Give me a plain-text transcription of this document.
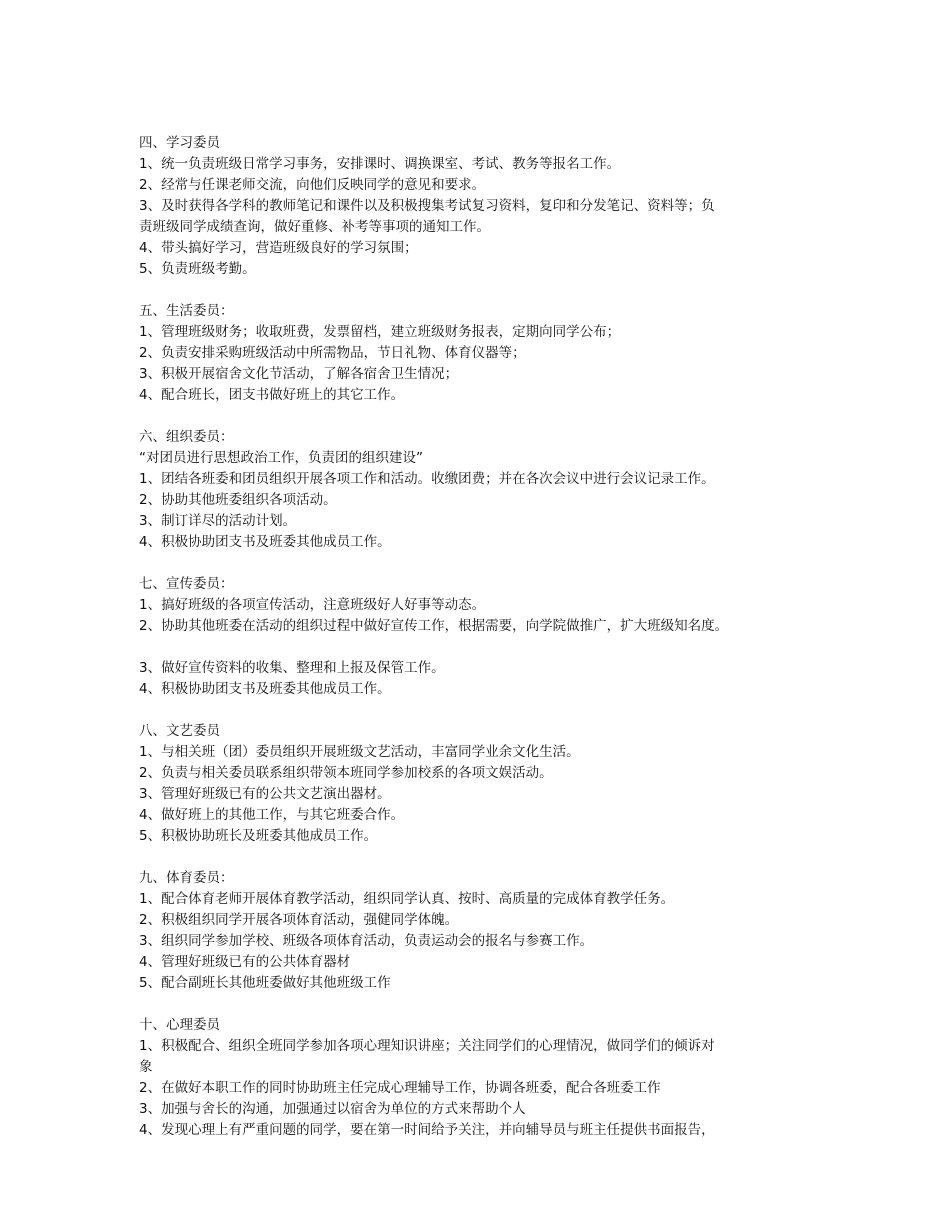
四、学习委员
1、统一负责班级日常学习事务，安排课时、调换课室、考试、教务等报名工作。
2、经常与任课老师交流，向他们反映同学的意见和要求。
3、及时获得各学科的教师笔记和课件以及积极搜集考试复习资料，复印和分发笔记、资料等；负
责班级同学成绩查询，做好重修、补考等事项的通知工作。
4、带头搞好学习，营造班级良好的学习氛围；
5、负责班级考勤。
五、生活委员：
1、管理班级财务；收取班费，发票留档，建立班级财务报表，定期向同学公布；
2、负责安排采购班级活动中所需物品，节日礼物、体育仪器等；
3、积极开展宿舍文化节活动，了解各宿舍卫生情况；
4、配合班长，团支书做好班上的其它工作。
六、组织委员：
“对团员进行思想政治工作，负责团的组织建设”
1、团结各班委和团员组织开展各项工作和活动。收缴团费；并在各次会议中进行会议记录工作。
2、协助其他班委组织各项活动。
3、制订详尽的活动计划。
4、积极协助团支书及班委其他成员工作。
七、宣传委员：
1、搞好班级的各项宣传活动，注意班级好人好事等动态。
2、协助其他班委在活动的组织过程中做好宣传工作，根据需要，向学院做推广，扩大班级知名度。
3、做好宣传资料的收集、整理和上报及保管工作。
4、积极协助团支书及班委其他成员工作。
八、文艺委员
1、与相关班（团）委员组织开展班级文艺活动，丰富同学业余文化生活。
2、负责与相关委员联系组织带领本班同学参加校系的各项文娱活动。
3、管理好班级已有的公共文艺演出器材。
4、做好班上的其他工作，与其它班委合作。
5、积极协助班长及班委其他成员工作。
九、体育委员：
1、配合体育老师开展体育教学活动，组织同学认真、按时、高质量的完成体育教学任务。
2、积极组织同学开展各项体育活动，强健同学体魄。
3、组织同学参加学校、班级各项体育活动，负责运动会的报名与参赛工作。
4、管理好班级已有的公共体育器材
5、配合副班长其他班委做好其他班级工作
十、心理委员
1、积极配合、组织全班同学参加各项心理知识讲座；关注同学们的心理情况，做同学们的倾诉对
象
2、在做好本职工作的同时协助班主任完成心理辅导工作，协调各班委，配合各班委工作
3、加强与舍长的沟通，加强通过以宿舍为单位的方式来帮助个人
4、发现心理上有严重问题的同学，要在第一时间给予关注，并向辅导员与班主任提供书面报告，
